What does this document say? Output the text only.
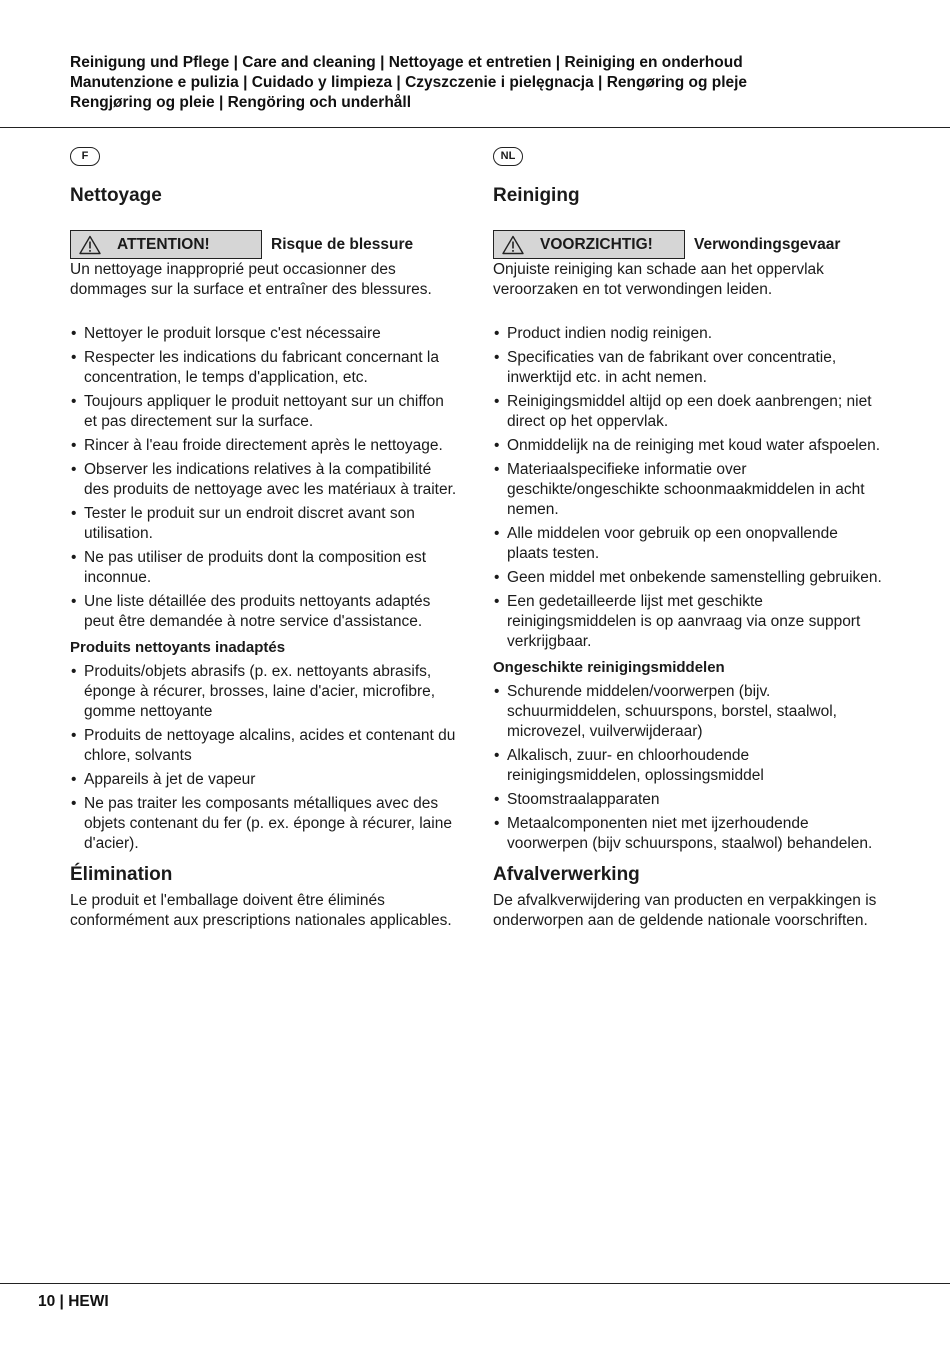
Reinigung und Pflege | Care and cleaning | Nettoyage et entretien | Reiniging en onderhoud
Manutenzione e pulizia | Cuidado y limpieza | Czyszczenie i pielęgnacja | Rengøring og pleje
Rengjøring og pleie | Rengöring och underhåll
F
Nettoyage
ATTENTION!	Risque de blessure

Un nettoyage inapproprié peut occasionner des dommages sur la surface et entraîner des blessures.

• Nettoyer le produit lorsque c'est nécessaire
• Respecter les indications du fabricant concernant la concentration, le temps d'application, etc.
• Toujours appliquer le produit nettoyant sur un chiffon et pas directement sur la surface.
• Rincer à l'eau froide directement après le nettoyage.
• Observer les indications relatives à la compatibilité des produits de nettoyage avec les matériaux à traiter.
• Tester le produit sur un endroit discret avant son utilisation.
• Ne pas utiliser de produits dont la composition est inconnue.
• Une liste détaillée des produits nettoyants adaptés peut être demandée à notre service d'assistance.
Produits nettoyants inadaptés
• Produits/objets abrasifs (p. ex. nettoyants abrasifs, éponge à récurer, brosses, laine d'acier, microfibre, gomme nettoyante
• Produits de nettoyage alcalins, acides et contenant du chlore, solvants
• Appareils à jet de vapeur
• Ne pas traiter les composants métalliques avec des objets contenant du fer (p. ex. éponge à récurer, laine d'acier).
Élimination

Le produit et l'emballage doivent être éliminés conformément aux prescriptions nationales applicables.

NL
Reiniging
VOORZICHTIG!	Verwondingsgevaar

Onjuiste reiniging kan schade aan het oppervlak veroorzaken en tot verwondingen leiden.

• Product indien nodig reinigen.
• Specificaties van de fabrikant over concentratie, inwerktijd etc. in acht nemen.
• Reinigingsmiddel altijd op een doek aanbrengen; niet direct op het oppervlak.
• Onmiddelijk na de reiniging met koud water afspoelen.
• Materiaalspecifieke informatie over geschikte/ongeschikte schoonmaakmiddelen in acht nemen.
• Alle middelen voor gebruik op een onopvallende plaats testen.
• Geen middel met onbekende samenstelling gebruiken.
• Een gedetailleerde lijst met geschikte reinigingsmiddelen is op aanvraag via onze support verkrijgbaar.
Ongeschikte reinigingsmiddelen
• Schurende middelen/voorwerpen (bijv. schuurmiddelen, schuurspons, borstel, staalwol, microvezel, vuilverwijderaar)
• Alkalisch, zuur- en chloorhoudende reinigingsmiddelen, oplossingsmiddel
• Stoomstraalapparaten
• Metaalcomponenten niet met ijzerhoudende voorwerpen (bijv schuurspons, staalwol) behandelen.
Afvalverwerking

De afvalkverwijdering van producten en verpakkingen is onderworpen aan de geldende nationale voorschriften.

10 | HEWI
